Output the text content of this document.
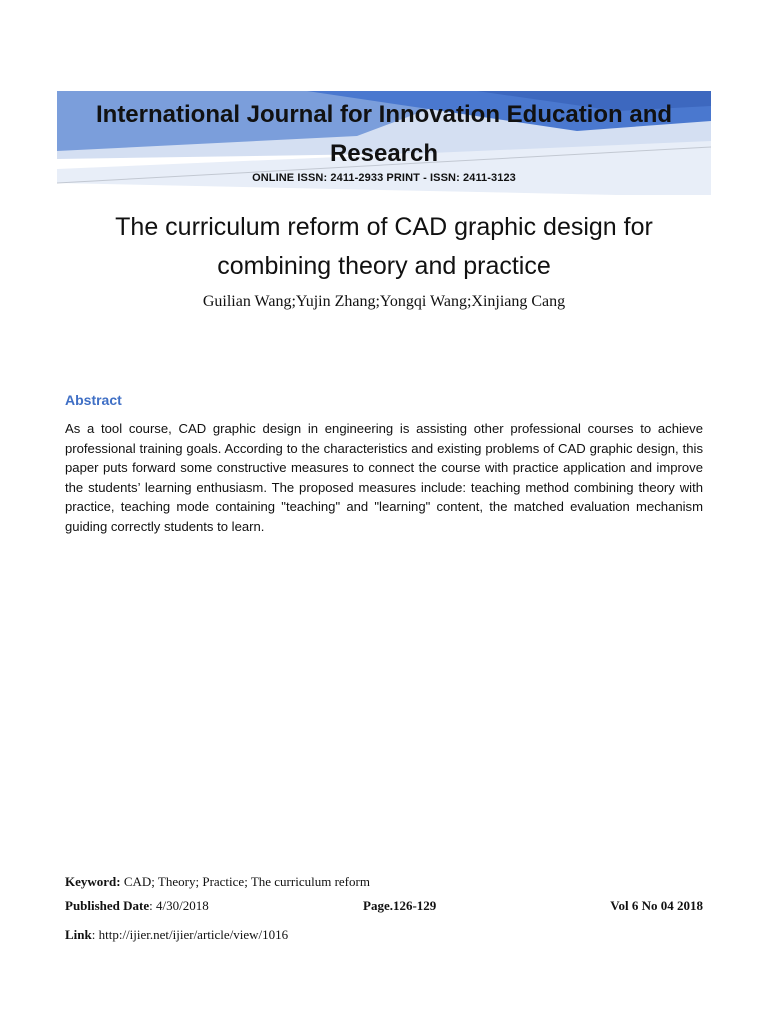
International Journal for Innovation Education and Research
ONLINE ISSN: 2411-2933 PRINT - ISSN: 2411-3123
The curriculum reform of CAD graphic design for combining theory and practice
Guilian Wang;Yujin Zhang;Yongqi Wang;Xinjiang Cang
Abstract
As a tool course, CAD graphic design in engineering is assisting other professional courses to achieve professional training goals. According to the characteristics and existing problems of CAD graphic design, this paper puts forward some constructive measures to connect the course with practice application and improve the students’ learning enthusiasm. The proposed measures include: teaching method combining theory with practice, teaching mode containing "teaching" and "learning" content, the matched evaluation mechanism guiding correctly students to learn.
Keyword: CAD; Theory; Practice; The curriculum reform
Published Date: 4/30/2018	Page.126-129	Vol 6 No 04 2018
Link: http://ijier.net/ijier/article/view/1016
